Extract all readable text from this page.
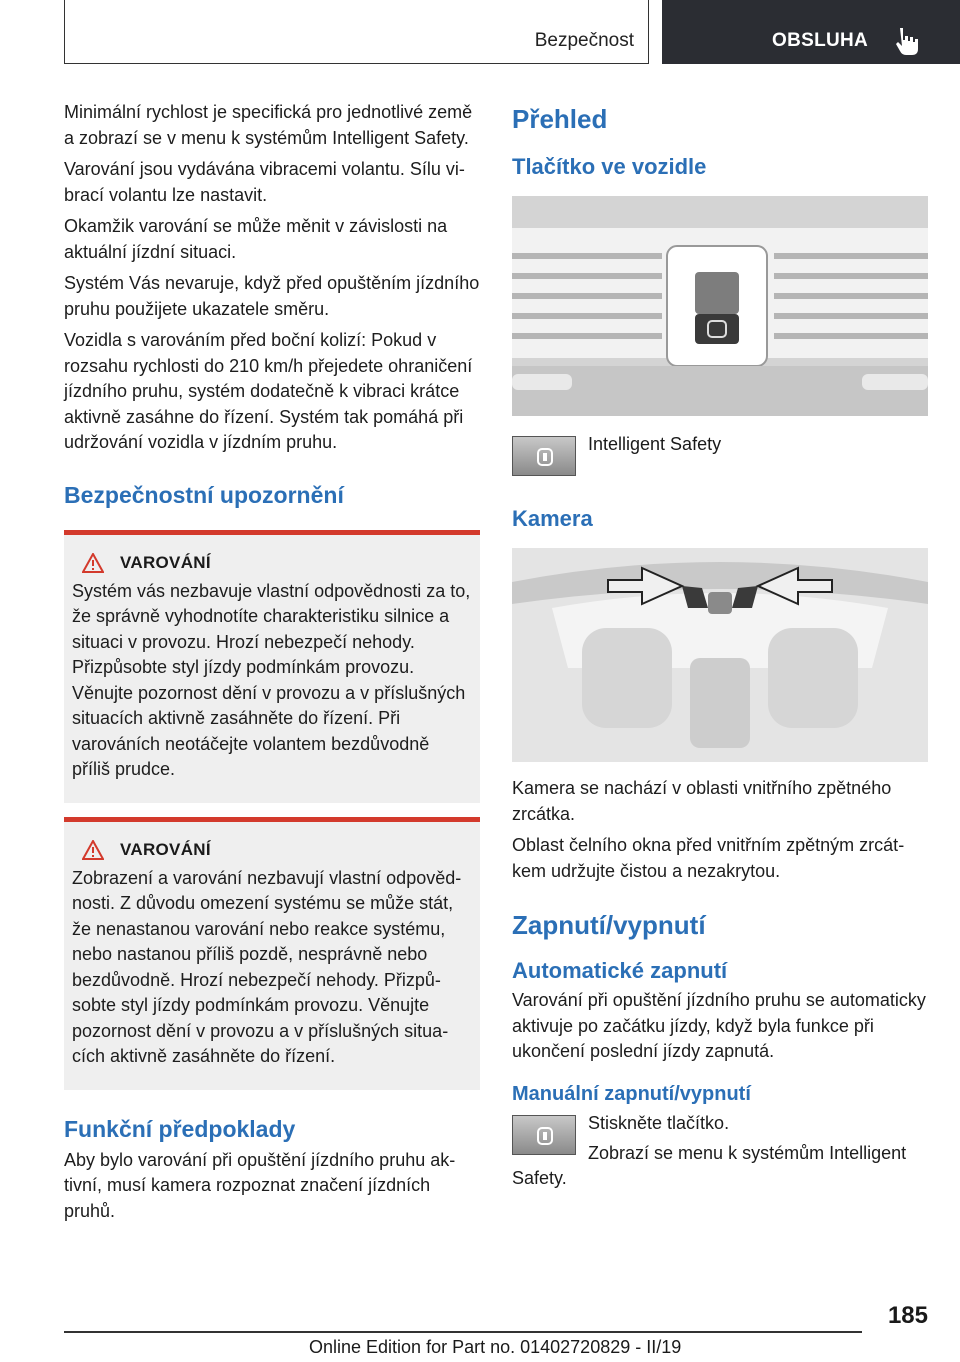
Bezpečnost	OBSLUHA

Minimální rychlost je specifická pro jednotlivé země a zobrazí se v menu k systémům Intelligent Safety.

Varování jsou vydávána vibracemi volantu. Sílu vibrací volantu lze nastavit.

Okamžik varování se může měnit v závislosti na aktuální jízdní situaci.

Systém Vás nevaruje, když před opuštěním jízdního pruhu použijete ukazatele směru.

Vozidla s varováním před boční kolizí: Pokud v rozsahu rychlosti do 210 km/h přejedete ohraničení jízdního pruhu, systém dodatečně k vibraci krátce aktivně zasáhne do řízení. Systém tak pomáhá při udržování vozidla v jízdním pruhu.

Bezpečnostní upozornění
VAROVÁNÍ

Systém vás nezbavuje vlastní odpovědnosti za to, že správně vyhodnotíte charakteristiku silnice a situaci v provozu. Hrozí nebezpečí nehody. Přizpůsobte styl jízdy podmínkám provozu. Věnujte pozornost dění v provozu a v příslušných situacích aktivně zasáhněte do řízení. Při varováních neotáčejte volantem bezdůvodně příliš prudce.

VAROVÁNÍ

Zobrazení a varování nezbavují vlastní odpovědnosti. Z důvodu omezení systému se může stát, že nenastanou varování nebo reakce systému, nebo nastanou příliš pozdě, nesprávně nebo bezdůvodně. Hrozí nebezpečí nehody. Přizpůsobte styl jízdy podmínkám provozu. Věnujte pozornost dění v provozu a v příslušných situacích aktivně zasáhněte do řízení.

Funkční předpoklady

Aby bylo varování při opuštění jízdního pruhu aktivní, musí kamera rozpoznat značení jízdních pruhů.

Přehled
Tlačítko ve vozidle
Intelligent Safety
Kamera

Kamera se nachází v oblasti vnitřního zpětného zrcátka.

Oblast čelního okna před vnitřním zpětným zrcátkem udržujte čistou a nezakrytou.

Zapnutí/vypnutí
Automatické zapnutí

Varování při opuštění jízdního pruhu se automaticky aktivuje po začátku jízdy, když byla funkce při ukončení poslední jízdy zapnutá.

Manuální zapnutí/vypnutí

Stiskněte tlačítko.

Zobrazí se menu k systémům Intelligent Safety.

185
Online Edition for Part no. 01402720829 - II/19
